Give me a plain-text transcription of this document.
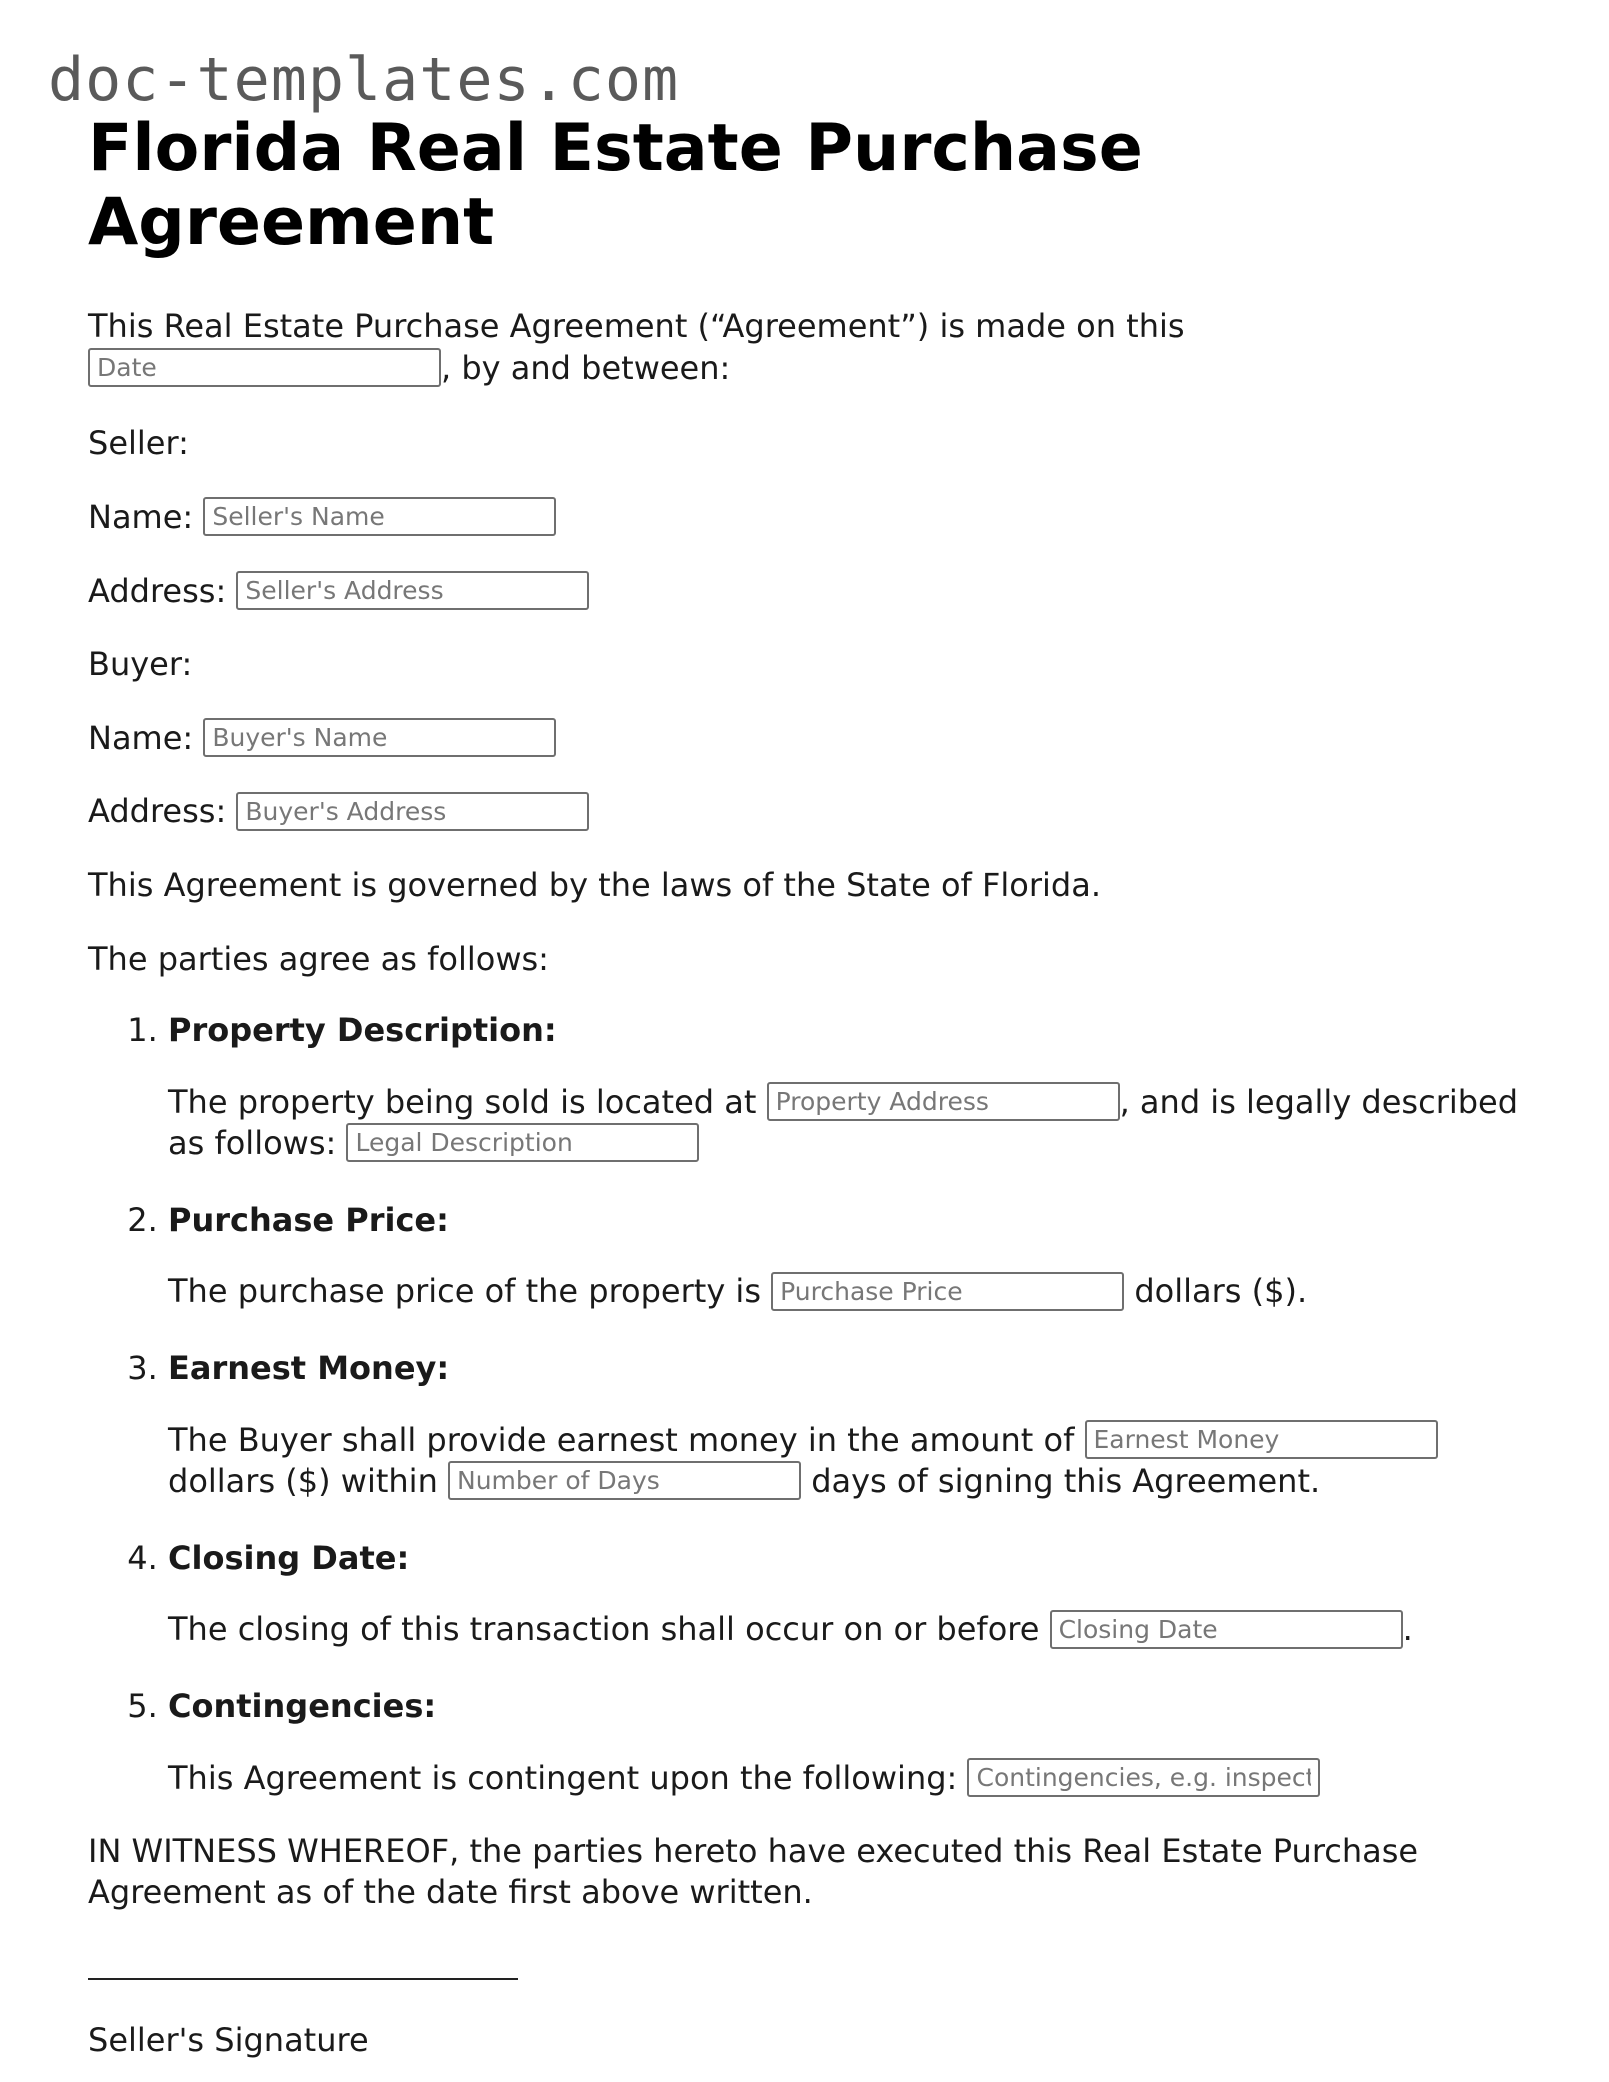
doc-templates.com
Florida Real Estate Purchase Agreement

This Real Estate Purchase Agreement (“Agreement”) is made on this
Date, by and between:

Seller:

Name: Seller's Name

Address: Seller's Address

Buyer:

Name: Buyer's Name

Address: Buyer's Address

This Agreement is governed by the laws of the State of Florida.

The parties agree as follows:

1. Property Description:

The property being sold is located at Property Address	, and is legally described as follows: Legal Description

2. Purchase Price:

The purchase price of the property is Purchase Price	dollars ($).

3. Earnest Money:

The Buyer shall provide earnest money in the amount of Earnest Money dollars ($) within Number of Days	days of signing this Agreement.

4. Closing Date:

The closing of this transaction shall occur on or before Closing Date	.

5. Contingencies:

This Agreement is contingent upon the following: Contingencies, e.g. inspections

IN WITNESS WHEREOF, the parties hereto have executed this Real Estate Purchase Agreement as of the date first above written.

Seller's Signature
